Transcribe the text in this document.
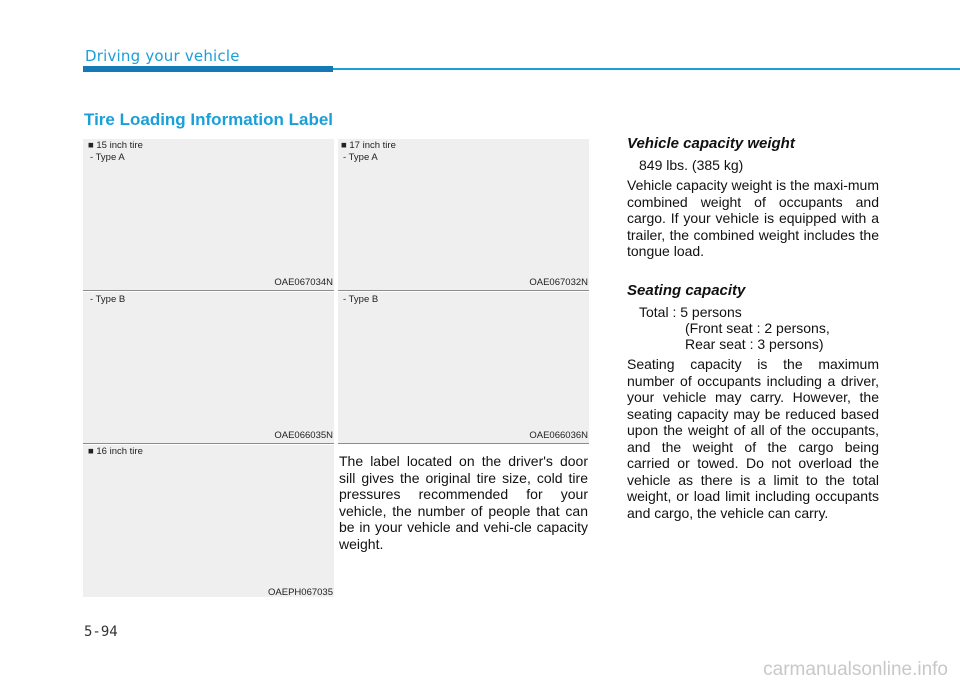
Driving your vehicle
Tire Loading Information Label
■ 15 inch tire
- Type A
OAE067034N
- Type B
OAE066035N
■ 16 inch tire
OAEPH067035
■ 17 inch tire
- Type A
OAE067032N
- Type B
OAE066036N
The label located on the driver's door sill gives the original tire size, cold tire pressures recommended for your vehicle, the number of people that can be in your vehicle and vehi-cle capacity weight.
Vehicle capacity weight
849 lbs. (385 kg)
Vehicle capacity weight is the maxi-mum combined weight of occupants and cargo. If your vehicle is equipped with a trailer, the combined weight includes the tongue load.
Seating capacity
Total : 5 persons
(Front seat : 2 persons,
Rear seat : 3 persons)
Seating capacity is the maximum number of occupants including a driver, your vehicle may carry. However, the seating capacity may be reduced based upon the weight of all of the occupants, and the weight of the cargo being carried or towed. Do not overload the vehicle as there is a limit to the total weight, or load limit including occupants and cargo, the vehicle can carry.
5-94
carmanualsonline.info
